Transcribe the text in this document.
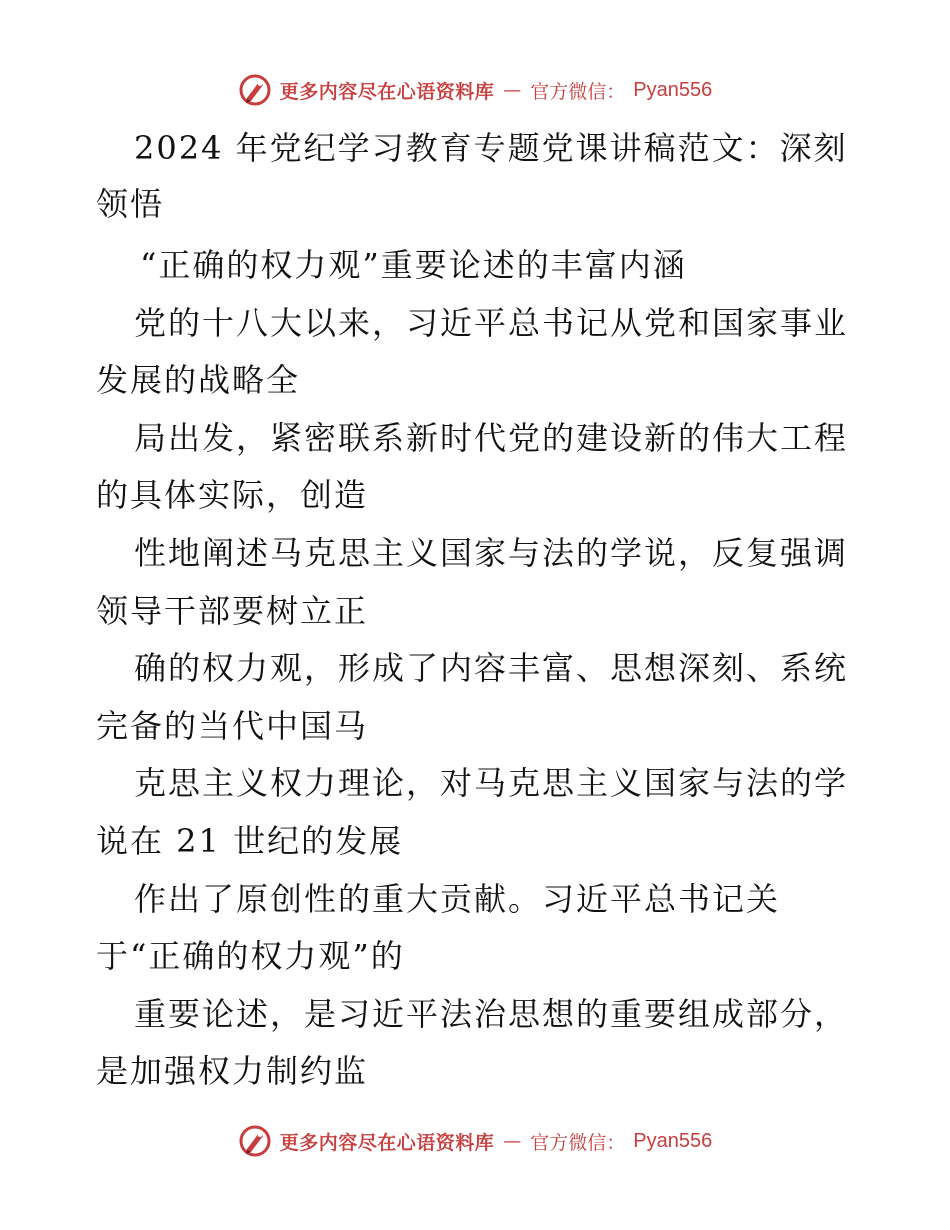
更多内容尽在心语资料库 — 官方微信： Pyan556
2024 年党纪学习教育专题党课讲稿范文：深刻
领悟
“正确的权力观”重要论述的丰富内涵
党的十八大以来，习近平总书记从党和国家事业
发展的战略全
局出发，紧密联系新时代党的建设新的伟大工程
的具体实际，创造
性地阐述马克思主义国家与法的学说，反复强调
领导干部要树立正
确的权力观，形成了内容丰富、思想深刻、系统
完备的当代中国马
克思主义权力理论，对马克思主义国家与法的学
说在 21 世纪的发展
作出了原创性的重大贡献。习近平总书记关
于“正确的权力观”的
重要论述，是习近平法治思想的重要组成部分，
是加强权力制约监
更多内容尽在心语资料库 — 官方微信： Pyan556
